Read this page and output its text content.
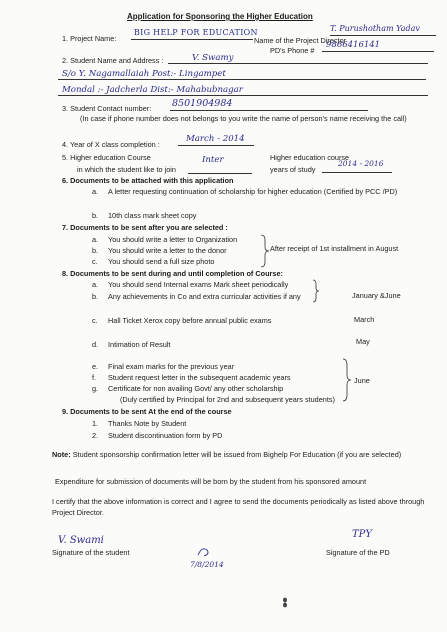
Application for Sponsoring the Higher Education
1. Project Name:
BIG HELP FOR EDUCATION
Name of the Project Director
T. Purushotham Yadav
PD's Phone #
9866416141
2. Student Name and Address :	V. Swamy
S/o Y. Nagamallaiah Post:- Lingampet
Mondal :- Jadcherla Dist:- Mahabubnagar
3. Student Contact number: 8501904984
(In case if phone number does not belongs to you write the name of person's name receiving the call)
4. Year of X class completion :
March - 2014
5. Higher education Course
in which the student like to join
Inter	Higher education course
years of study
2014 - 2016
6. Documents to be attached with this application
a. A letter requesting continuation of scholarship for higher education (Certified by PCC /PD)
b. 10th class mark sheet copy
7. Documents to be sent after you are selected :
a. You should write a letter to Organization
b. You should write a letter to the donor
c. You should send a full size photo
After receipt of 1st installment in August
8. Documents to be sent during and until completion of Course:
a. You should send Internal exams Mark sheet periodically
b. Any achievements in Co and extra curricular activities if any	January &June
c. Hall Ticket Xerox copy before annual public exams	March
d. Intimation of Result	May
e. Final exam marks for the previous year
f. Student request letter in the subsequent academic years
g. Certificate for non availing Govt/ any other scholarship
(Duly certified by Principal for 2nd and subsequent years students)
June
9. Documents to be sent At the end of the course
1. Thanks Note by Student
2. Student discontinuation form by PD
Note: Student sponsorship confirmation letter will be issued from Bighelp For Education (if you are selected)
Expenditure for submission of documents will be born by the student from his sponsored amount
I certify that the above information is correct and I agree to send the documents periodically as listed above through Project Director.
V. Swami
Signature of the student
7/8/2014
TPY
Signature of the PD
